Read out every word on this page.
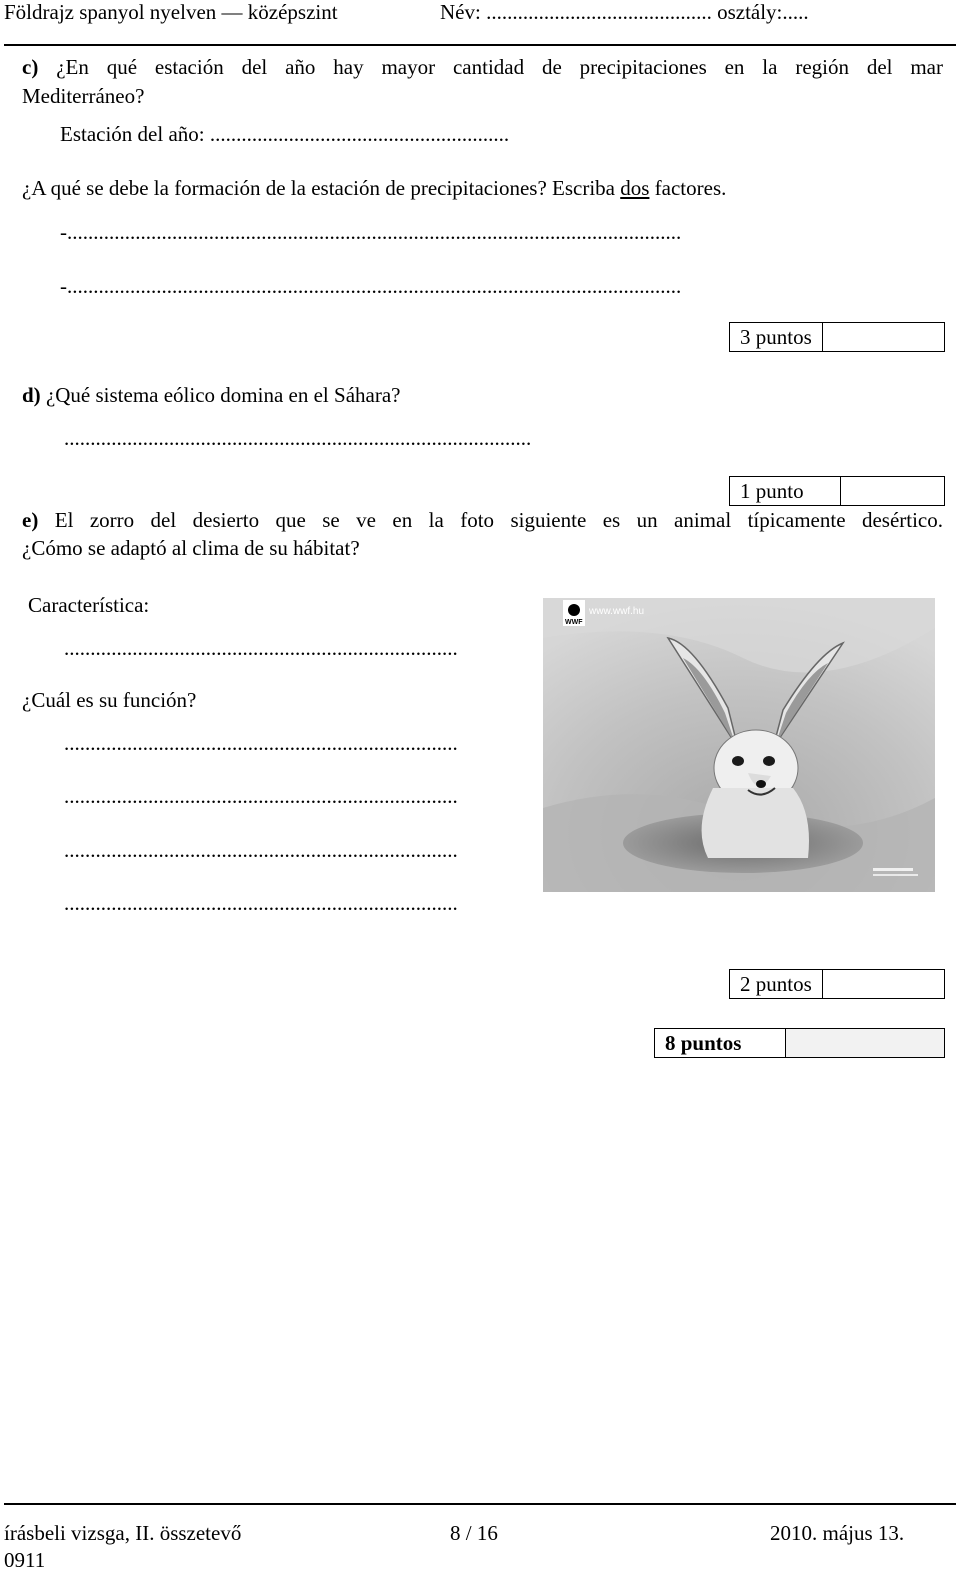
Földrajz spanyol nyelven — középszint	Név: ........................................... osztály:.....
c) ¿En qué estación del año hay mayor cantidad de precipitaciones en la región del mar
Mediterráneo?
Estación del año: .........................................................
¿A qué se debe la formación de la estación de precipitaciones? Escriba dos factores.
-.....................................................................................................................
-.....................................................................................................................
3 puntos
d) ¿Qué sistema eólico domina en el Sáhara?
.........................................................................................
1 punto
e) El zorro del desierto que se ve en la foto siguiente es un animal típicamente desértico.
¿Cómo se adaptó al clima de su hábitat?
Característica:
...........................................................................
¿Cuál es su función?
...........................................................................
...........................................................................
...........................................................................
...........................................................................
WWF
www.wwf.hu
2 puntos
8 puntos
írásbeli vizsga, II. összetevő
0911
8 / 16	2010. május 13.
